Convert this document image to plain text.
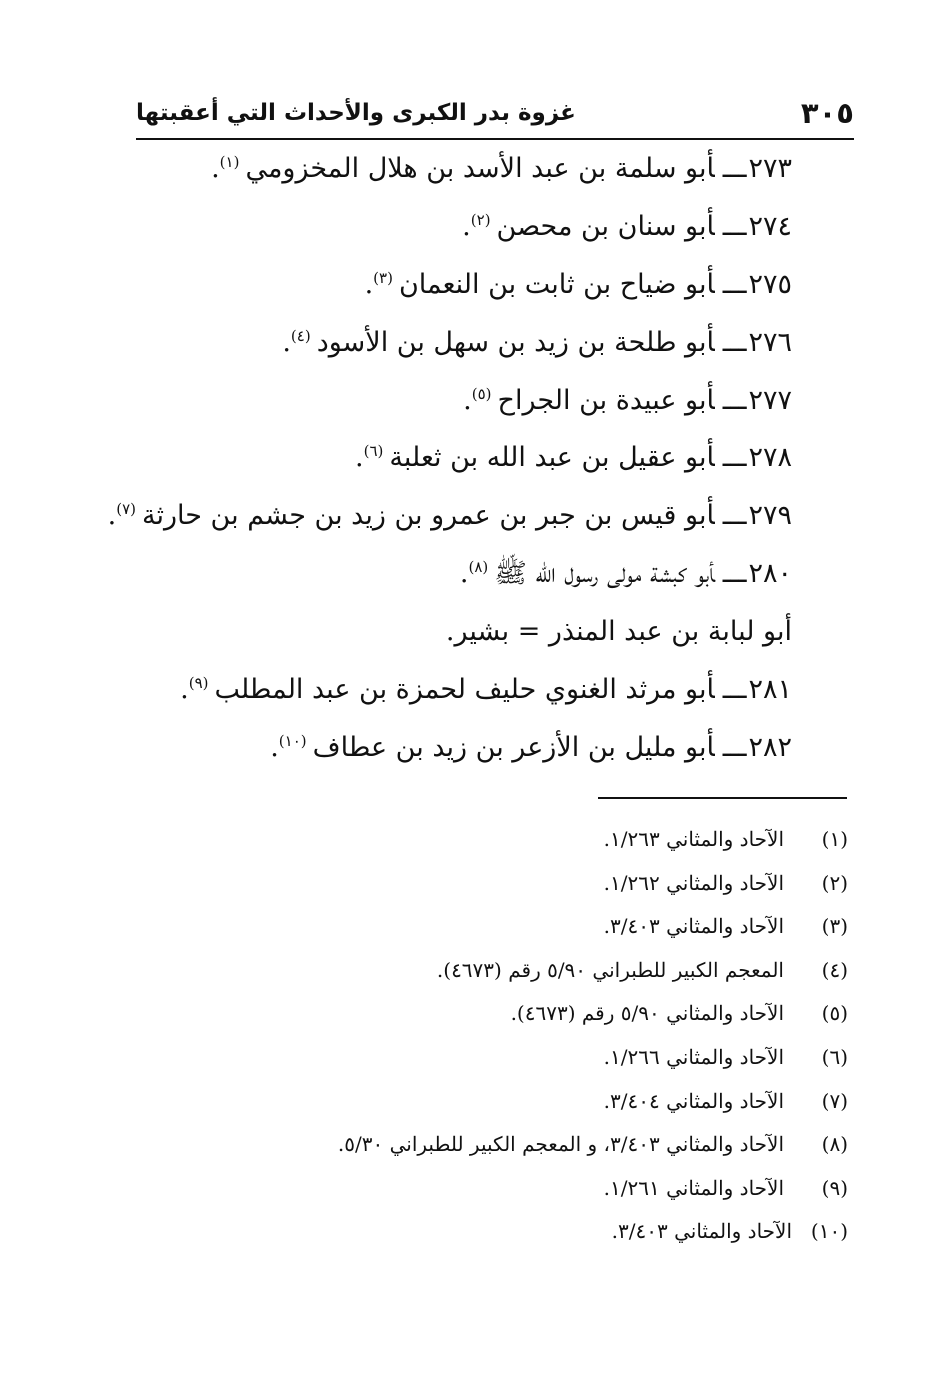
٣٠٥
غزوة بدر الكبرى والأحداث التي أعقبتها
٢٧٣ـــأبو سلمة بن عبد الأسد بن هلال المخزومي$^{(١)}$.
٢٧٤ـــأبو سنان بن محصن$^{(٢)}$.
٢٧٥ـــأبو ضياح بن ثابت بن النعمان$^{(٣)}$.
٢٧٦ـــأبو طلحة بن زيد بن سهل بن الأسود$^{(٤)}$.
٢٧٧ـــأبو عبيدة بن الجراح$^{(٥)}$.
٢٧٨ـــأبو عقيل بن عبد الله بن ثعلبة$^{(٦)}$.
٢٧٩ـــأبو قيس بن جبر بن عمرو بن زيد بن جشم بن حارثة$^{(٧)}$.
٢٨٠ـــأبو كبشة مولى رسول الله ﷺ$^{(٨)}$.
أبو لبابة بن عبد المنذر = بشير.
٢٨١ـــأبو مرثد الغنوي حليف لحمزة بن عبد المطلب$^{(٩)}$.
٢٨٢ـــأبو مليل بن الأزعر بن زيد بن عطاف$^{(١٠)}$.
(١)الآحاد والمثاني ١/٢٦٣.
(٢)الآحاد والمثاني ١/٢٦٢.
(٣)الآحاد والمثاني ٣/٤٠٣.
(٤)المعجم الكبير للطبراني ٥/٩٠ رقم (٤٦٧٣).
(٥)الآحاد والمثاني ٥/٩٠ رقم (٤٦٧٣).
(٦)الآحاد والمثاني ١/٢٦٦.
(٧)الآحاد والمثاني ٣/٤٠٤.
(٨)الآحاد والمثاني ٣/٤٠٣، و المعجم الكبير للطبراني ٥/٣٠.
(٩)الآحاد والمثاني ١/٢٦١.
(١٠)الآحاد والمثاني ٣/٤٠٣.
